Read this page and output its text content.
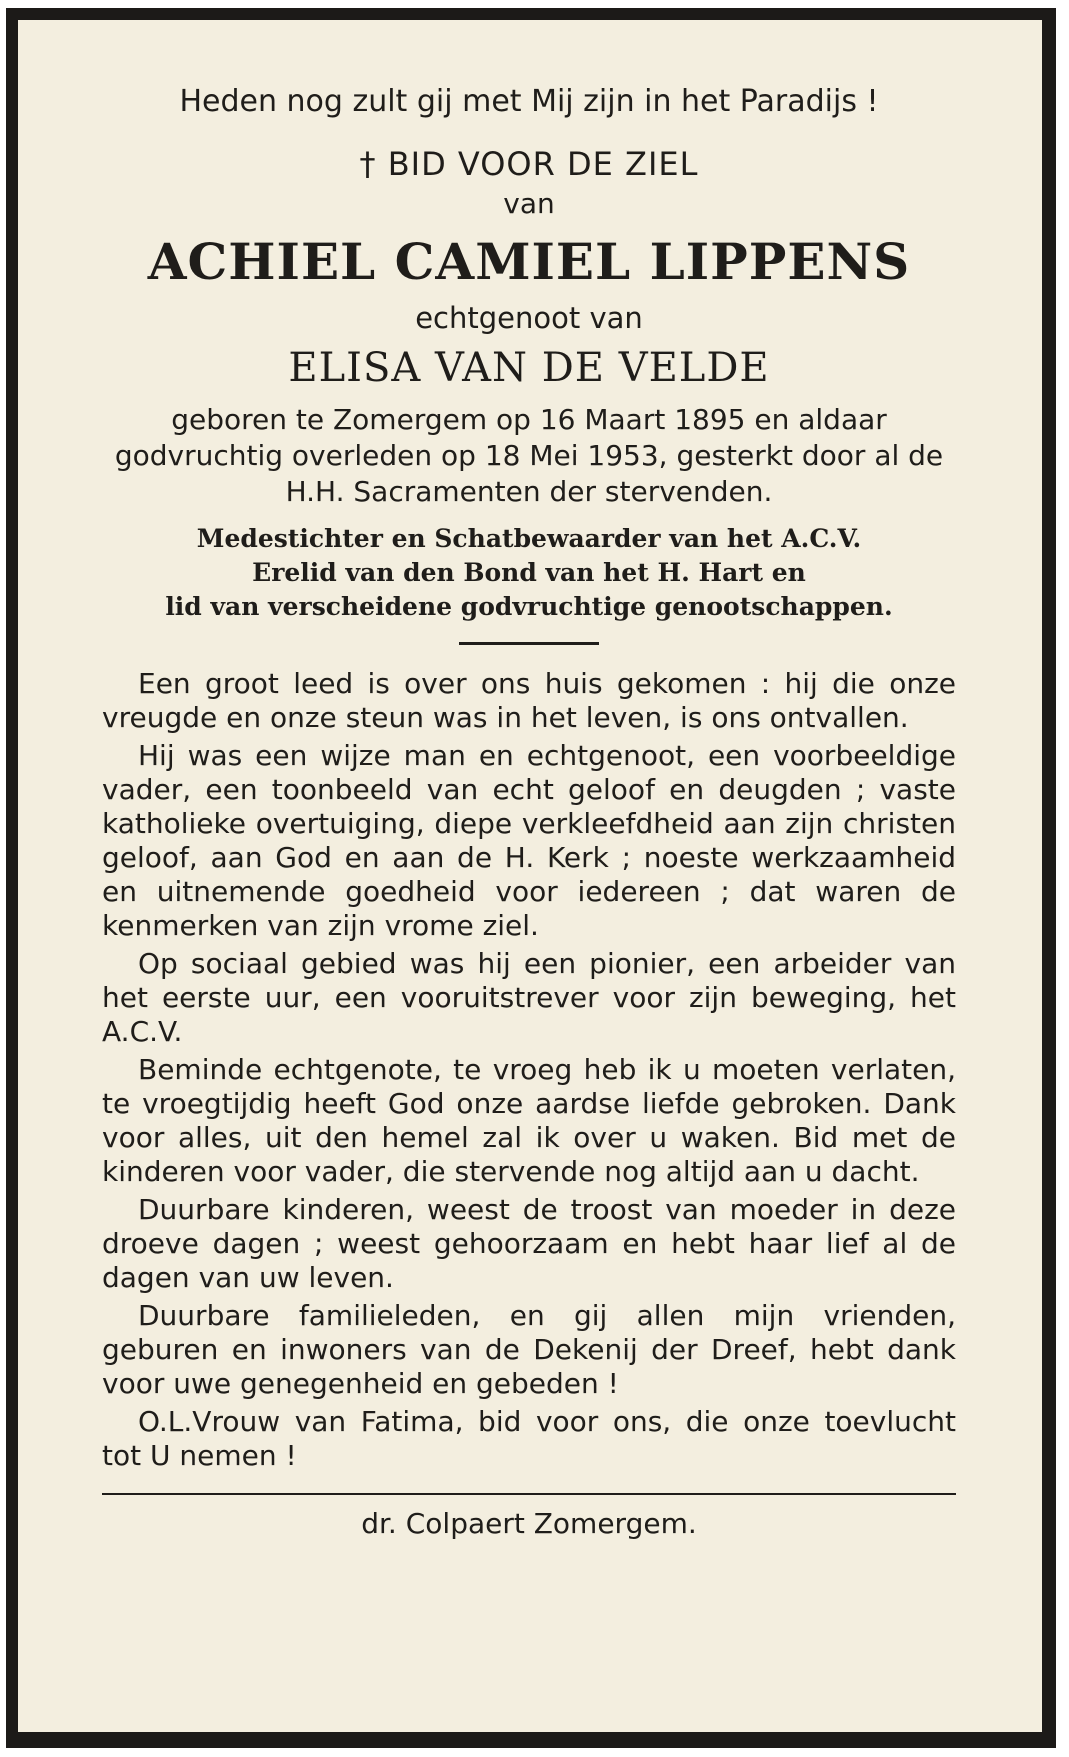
Heden nog zult gij met Mij zijn in het Paradijs !
† BID VOOR DE ZIEL
van
ACHIEL CAMIEL LIPPENS
echtgenoot van
ELISA VAN DE VELDE
geboren te Zomergem op 16 Maart 1895 en aldaar godvruchtig overleden op 18 Mei 1953, gesterkt door al de H.H. Sacramenten der stervenden.
Medestichter en Schatbewaarder van het A.C.V.
Erelid van den Bond van het H. Hart en
lid van verscheidene godvruchtige genootschappen.

Een groot leed is over ons huis gekomen : hij die onze vreugde en onze steun was in het leven, is ons ontvallen.

Hij was een wijze man en echtgenoot, een voorbeeldige vader, een toonbeeld van echt geloof en deugden ; vaste katholieke overtuiging, diepe verkleefdheid aan zijn christen geloof, aan God en aan de H. Kerk ; noeste werkzaamheid en uitnemende goedheid voor iedereen ; dat waren de kenmerken van zijn vrome ziel.

Op sociaal gebied was hij een pionier, een arbeider van het eerste uur, een vooruitstrever voor zijn beweging, het A.C.V.

Beminde echtgenote, te vroeg heb ik u moeten verlaten, te vroegtijdig heeft God onze aardse liefde gebroken. Dank voor alles, uit den hemel zal ik over u waken. Bid met de kinderen voor vader, die stervende nog altijd aan u dacht.

Duurbare kinderen, weest de troost van moeder in deze droeve dagen ; weest gehoorzaam en hebt haar lief al de dagen van uw leven.

Duurbare familieleden, en gij allen mijn vrienden, geburen en inwoners van de Dekenij der Dreef, hebt dank voor uwe genegenheid en gebeden !

O.L.Vrouw van Fatima, bid voor ons, die onze toevlucht tot U nemen !

dr. Colpaert Zomergem.
